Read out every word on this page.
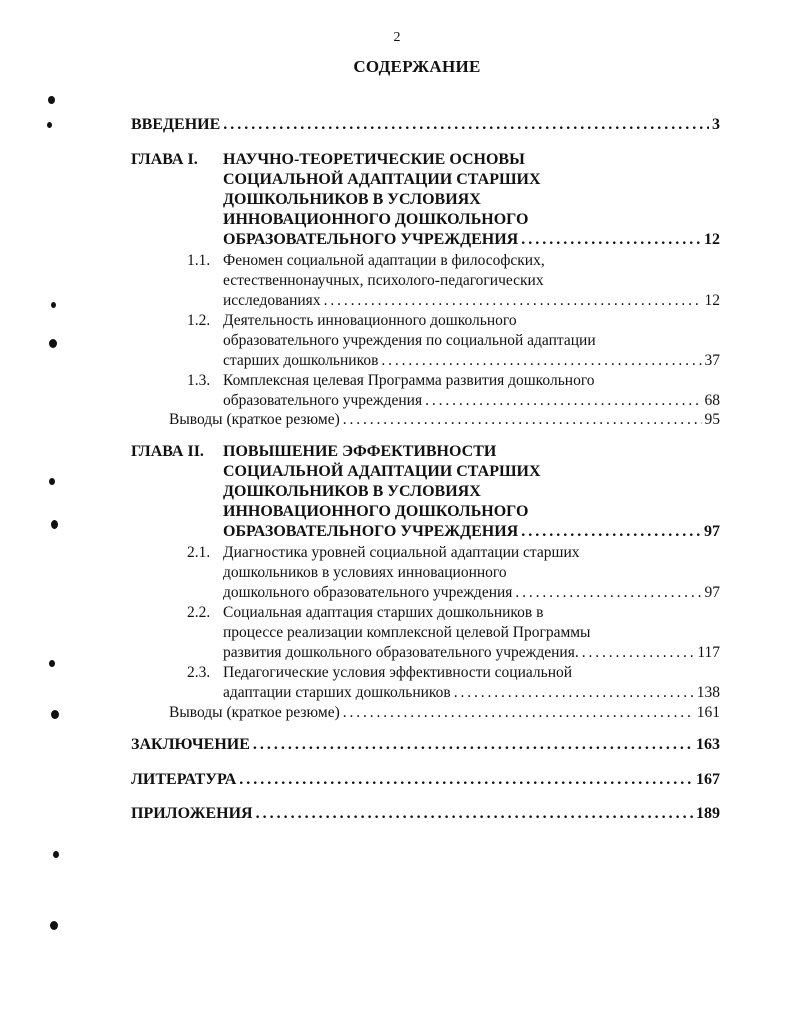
2
СОДЕРЖАНИЕ
ВВЕДЕНИЕ . . .	3
ГЛАВА I. НАУЧНО-ТЕОРЕТИЧЕСКИЕ ОСНОВЫ
СОЦИАЛЬНОЙ АДАПТАЦИИ СТАРШИХ
ДОШКОЛЬНИКОВ В УСЛОВИЯХ
ИННОВАЦИОННОГО ДОШКОЛЬНОГО
ОБРАЗОВАТЕЛЬНОГО УЧРЕЖДЕНИЯ . . .	12
1.1. Феномен социальной адаптации в философских,
естественнонаучных, психолого-педагогических
исследованиях . . .	12
1.2. Деятельность инновационного дошкольного
образовательного учреждения по социальной адаптации
старших дошкольников . . .	37
1.3. Комплексная целевая Программа развития дошкольного
образовательного учреждения . . .	68
Выводы (краткое резюме) . . .	95
ГЛАВА II. ПОВЫШЕНИЕ ЭФФЕКТИВНОСТИ
СОЦИАЛЬНОЙ АДАПТАЦИИ СТАРШИХ
ДОШКОЛЬНИКОВ В УСЛОВИЯХ
ИННОВАЦИОННОГО ДОШКОЛЬНОГО
ОБРАЗОВАТЕЛЬНОГО УЧРЕЖДЕНИЯ . . .	97
2.1. Диагностика уровней социальной адаптации старших
дошкольников в условиях инновационного
дошкольного образовательного учреждения . . .	97
2.2. Социальная адаптация старших дошкольников в
процессе реализации комплексной целевой Программы
развития дошкольного образовательного учреждения. . . .	117
2.3. Педагогические условия эффективности социальной
адаптации старших дошкольников . . .	138
Выводы (краткое резюме) . . .	161
ЗАКЛЮЧЕНИЕ . . .	163
ЛИТЕРАТУРА . . .	167
ПРИЛОЖЕНИЯ . . .	189
